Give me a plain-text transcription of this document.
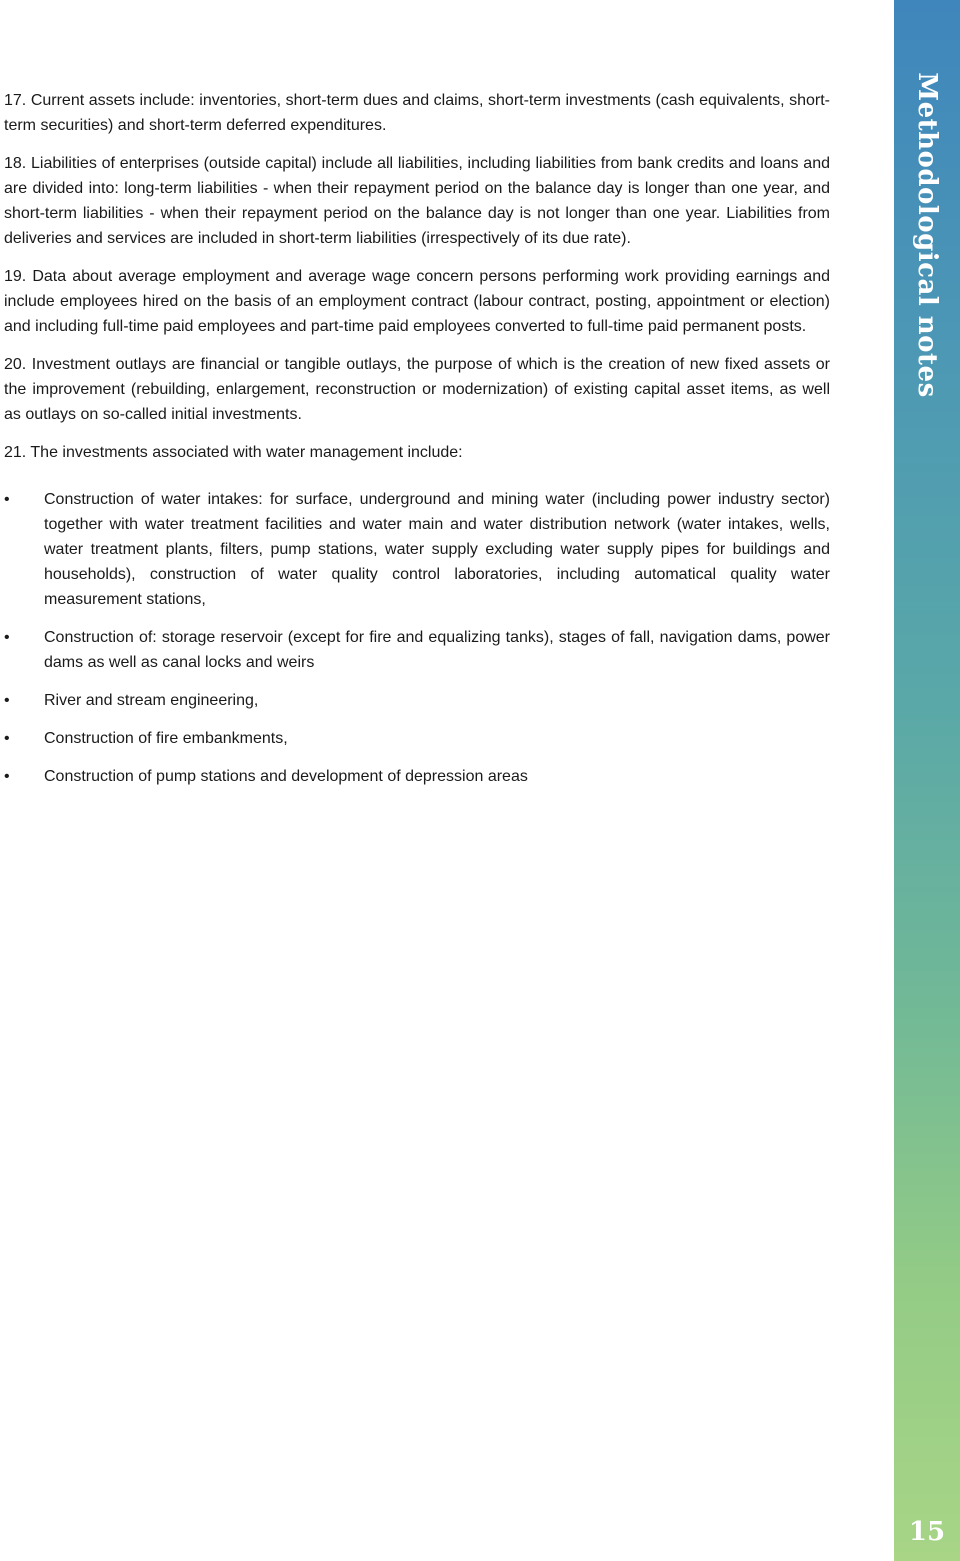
17. Current assets include: inventories, short-term dues and claims, short-term investments (cash equivalents, short-term securities) and short-term deferred expenditures.

18. Liabilities of enterprises (outside capital) include all liabilities, including liabilities from bank credits and loans and are divided into: long-term liabilities - when their repayment period on the balance day is longer than one year, and short-term liabilities - when their repayment period on the balance day is not longer than one year. Liabilities from deliveries and services are included in short-term liabilities (irrespectively of its due rate).

19. Data about average employment and average wage concern persons performing work providing earnings and include employees hired on the basis of an employment contract (labour contract, posting, appointment or election) and including full-time paid employees and part-time paid employees converted to full-time paid permanent posts.

20. Investment outlays are financial or tangible outlays, the purpose of which is the creation of new fixed assets or the improvement (rebuilding, enlargement, reconstruction or modernization) of existing capital asset items, as well as outlays on so-called initial investments.

21. The investments associated with water management include:

•	Construction of water intakes: for surface, underground and mining water (including power industry sector) together with water treatment facilities and water main and water distribution network (water intakes, wells, water treatment plants, filters, pump stations, water supply excluding water supply pipes for buildings and households), construction of water quality control laboratories, including automatical quality water measurement stations,
•	Construction of: storage reservoir (except for fire and equalizing tanks), stages of fall, navigation dams, power dams as well as canal locks and weirs
•	River and stream engineering,
•	Construction of fire embankments,
•	Construction of pump stations and development of depression areas
Methodological notes
15
